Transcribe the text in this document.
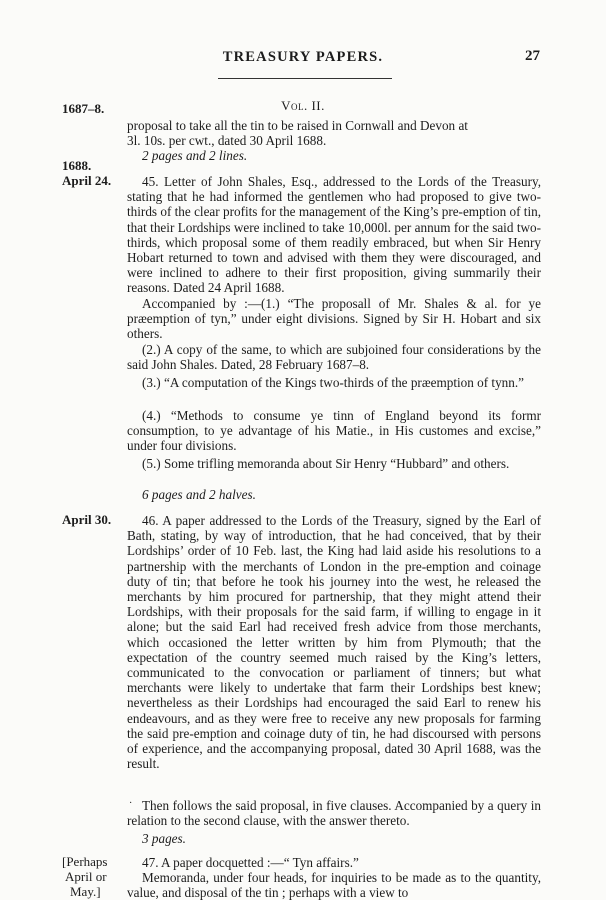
TREASURY PAPERS.	27
1687–8.	Vol. II.
proposal to take all the tin to be raised in Cornwall and Devon at
3l. 10s. per cwt., dated 30 April 1688.
2 pages and 2 lines.
1688.
April 24.	45. Letter of John Shales, Esq., addressed to the Lords of the Treasury, stating that he had informed the gentlemen who had proposed to give two-thirds of the clear profits for the management of the King’s pre-emption of tin, that their Lordships were inclined to take 10,000l. per annum for the said two-thirds, which proposal some of them readily embraced, but when Sir Henry Hobart returned to town and advised with them they were discouraged, and were inclined to adhere to their first proposition, giving summarily their reasons. Dated 24 April 1688.
Accompanied by :—(1.) “The proposall of Mr. Shales & al. for ye præemption of tyn,” under eight divisions. Signed by Sir H. Hobart and six others.
(2.) A copy of the same, to which are subjoined four considerations by the said John Shales. Dated, 28 February 1687–8.
(3.) “A computation of the Kings two-thirds of the præemption of tynn.”
(4.) “Methods to consume ye tinn of England beyond its formr consumption, to ye advantage of his Matie., in His customes and excise,” under four divisions.
(5.) Some trifling memoranda about Sir Henry “Hubbard” and others.
6 pages and 2 halves.
April 30.	46. A paper addressed to the Lords of the Treasury, signed by the Earl of Bath, stating, by way of introduction, that he had conceived, that by their Lordships’ order of 10 Feb. last, the King had laid aside his resolutions to a partnership with the merchants of London in the pre-emption and coinage duty of tin; that before he took his journey into the west, he released the merchants by him procured for partnership, that they might attend their Lordships, with their proposals for the said farm, if willing to engage in it alone; but the said Earl had received fresh advice from those merchants, which occasioned the letter written by him from Plymouth; that the expectation of the country seemed much raised by the King’s letters, communicated to the convocation or parliament of tinners; but what merchants were likely to undertake that farm their Lordships best knew; nevertheless as their Lordships had encouraged the said Earl to renew his endeavours, and as they were free to receive any new proposals for farming the said pre-emption and coinage duty of tin, he had discoursed with persons of experience, and the accompanying proposal, dated 30 April 1688, was the result.
· Then follows the said proposal, in five clauses. Accompanied by a query in relation to the second clause, with the answer thereto.
3 pages.
[Perhaps
April or
May.]
47. A paper docquetted :—“ Tyn affairs.”
Memoranda, under four heads, for inquiries to be made as to the quantity, value, and disposal of the tin ; perhaps with a view to
